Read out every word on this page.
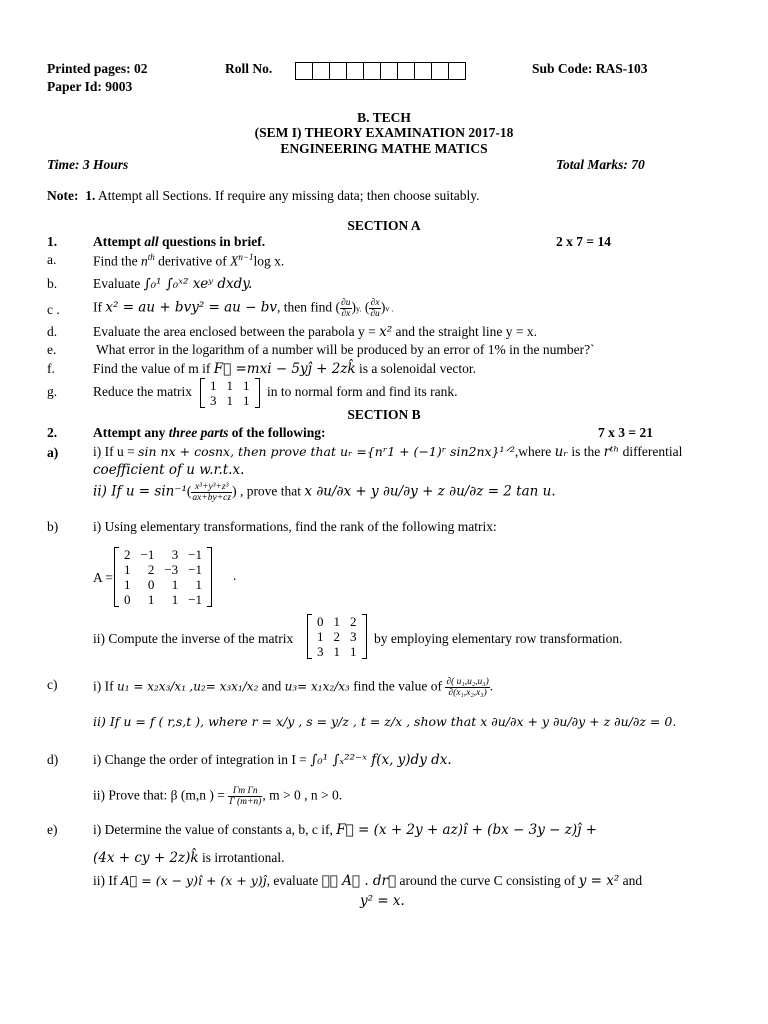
Printed pages: 02
Paper Id: 9003
Roll No.	Sub Code: RAS-103
B. TECH
(SEM I) THEORY EXAMINATION 2017-18
ENGINEERING MATHE MATICS
Time: 3 Hours	Total Marks: 70
Note: 1. Attempt all Sections. If require any missing data; then choose suitably.
SECTION A
1.	Attempt all questions in brief.	2 x 7 = 14
a.	Find the $n^{th}$ derivative of $X^{n-1}\log$ x.
b.	Evaluate ∫₀¹ ∫₀ˣ² xeʸ dxdy.
c . If x² = au + bvy² = au − bv, then find ( $\frac{\partial u}{\partial x} )y$. ( $\frac{\partial x}{\partial u} )v$ .
d.	Evaluate the area enclosed between the parabola y = x² and the straight line y = x.
e.	What error in the logarithm of a number will be produced by an error of 1% in the number?`
f.	Find the value of m if F⃗ =mxi − 5yĵ + 2zk̂ is a solenoidal vector.
g.	Reduce the matrix	1 1 1
3 1 1
in to normal form and find its rank.
SECTION B
2.	Attempt any three parts of the following:	7 x 3 = 21
a)	i) If u = sin nx + cosnx, then prove that uᵣ ={nʳ1 + (−1)ʳ sin2nx}¹ᐟ²,where uᵣ is the rᵗʰ differential
coefficient of u w.r.t.x.
ii) If $u = \sin^{-1}( \frac{\text{x³+y³+z³}}{ax+by+cz}$ ) , prove that x ∂u/∂x + y ∂u/∂y + z ∂u/∂z = 2 tan u.
b)	i) Using elementary transformations, find the rank of the following matrix:
A =
2 −1	3 −1
1	2 −3 −1
1	0	1	1
0	1	1 −1
.
ii) Compute the inverse of the matrix
0 1 2
1 2 3
3 1 1
by employing elementary row transformation.
c)	i) If u₁ = x₂x₃/x₁ ,u₂= x₃x₁/x₂ and u₃= x₁x₂/x₃ find the value of $\frac{\text{∂( u₁,u₂,u₃)}}{\text{∂(x₁,x₂,x₃)}}$ .
ii) If u = f ( r,s,t ), where r = x/y , s = y/z , t = z/x , show that x ∂u/∂x + y ∂u/∂y + z ∂u/∂z = 0.
d)	i) Change the order of integration in I = ∫₀¹ ∫ₓ²²⁻ˣ f(x, y)dy dx.
ii) Prove that: β (m,n ) = $\frac{\text{Γm Γn}}{\Gamma (m+n)}$ , m > 0 , n > 0.
e)	i) Determine the value of constants a, b, c if, F⃗ = (x + 2y + az)î + (bx − 3y − z)ĵ +
(4x + cy + 2z)k̂ is irrotantional.
ii) If A⃗ = (x − y)î + (x + y)ĵ, evaluate ∮꜀ A⃗ . dr⃗ around the curve C consisting of y = x² and
y² = x.
